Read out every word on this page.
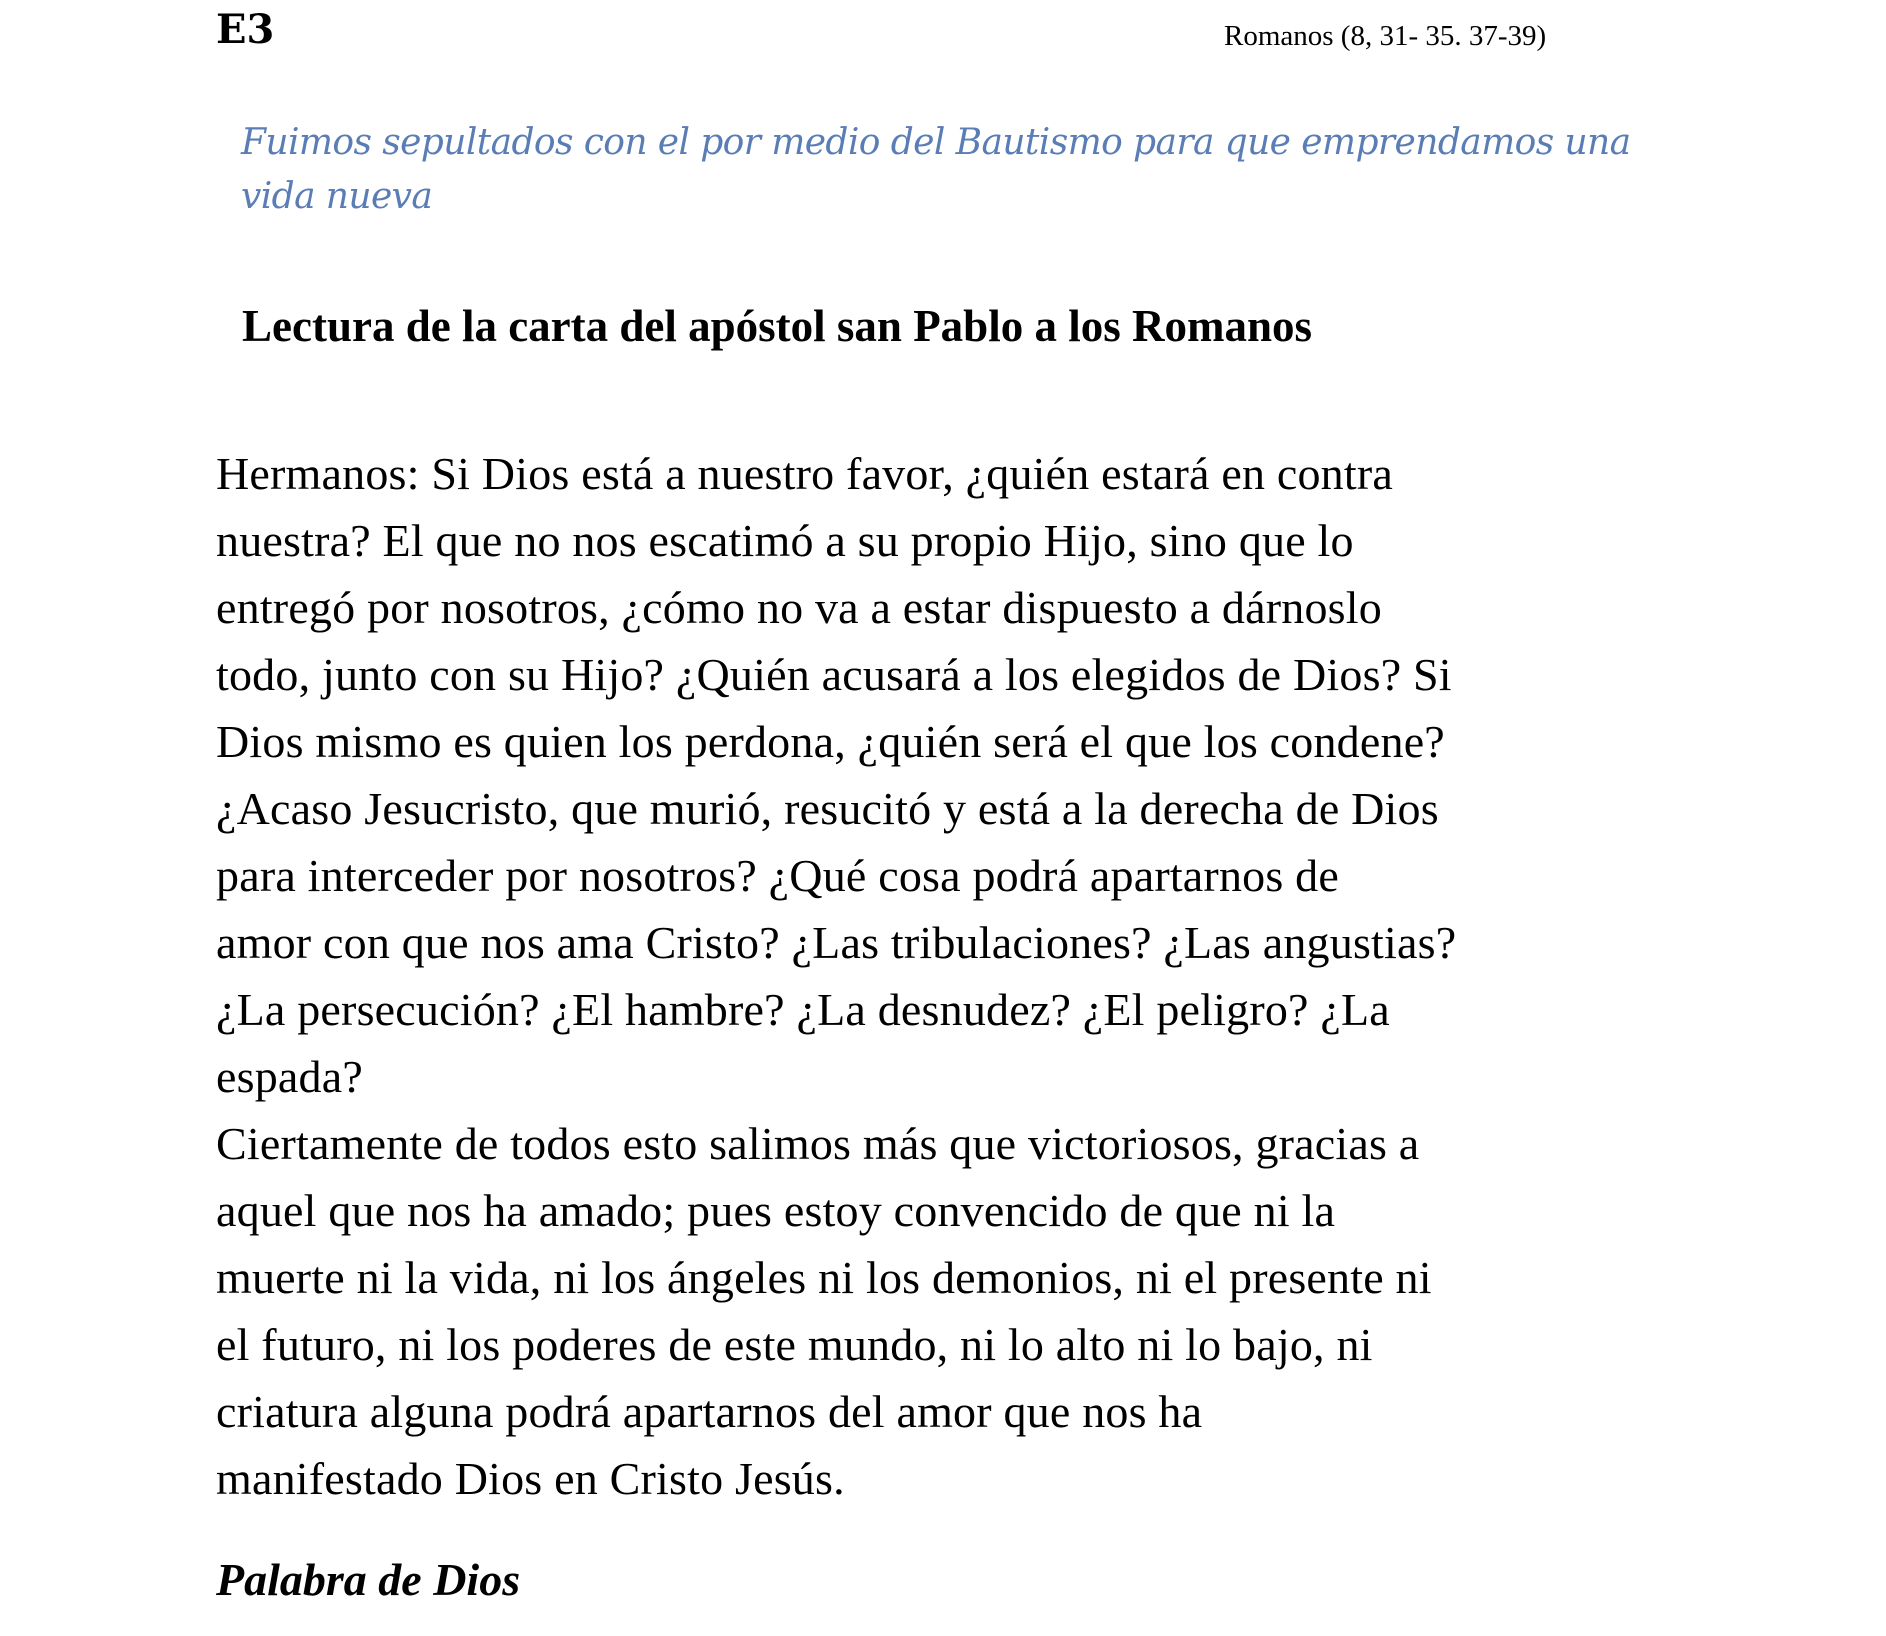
E3	Romanos (8, 31- 35. 37-39)
Fuimos sepultados con el por medio del Bautismo para que emprendamos una vida nueva
Lectura de la carta del apóstol san Pablo a los Romanos
Hermanos: Si Dios está a nuestro favor, ¿quién estará en contra
nuestra? El que no nos escatimó a su propio Hijo, sino que lo
entregó por nosotros, ¿cómo no va a estar dispuesto a dárnoslo
todo, junto con su Hijo? ¿Quién acusará a los elegidos de Dios? Si
Dios mismo es quien los perdona, ¿quién será el que los condene?
¿Acaso Jesucristo, que murió, resucitó y está a la derecha de Dios
para interceder por nosotros? ¿Qué cosa podrá apartarnos de
amor con que nos ama Cristo? ¿Las tribulaciones? ¿Las angustias?
¿La persecución? ¿El hambre? ¿La desnudez? ¿El peligro? ¿La
espada?
Ciertamente de todos esto salimos más que victoriosos, gracias a
aquel que nos ha amado; pues estoy convencido de que ni la
muerte ni la vida, ni los ángeles ni los demonios, ni el presente ni
el futuro, ni los poderes de este mundo, ni lo alto ni lo bajo, ni
criatura alguna podrá apartarnos del amor que nos ha
manifestado Dios en Cristo Jesús.
Palabra de Dios
